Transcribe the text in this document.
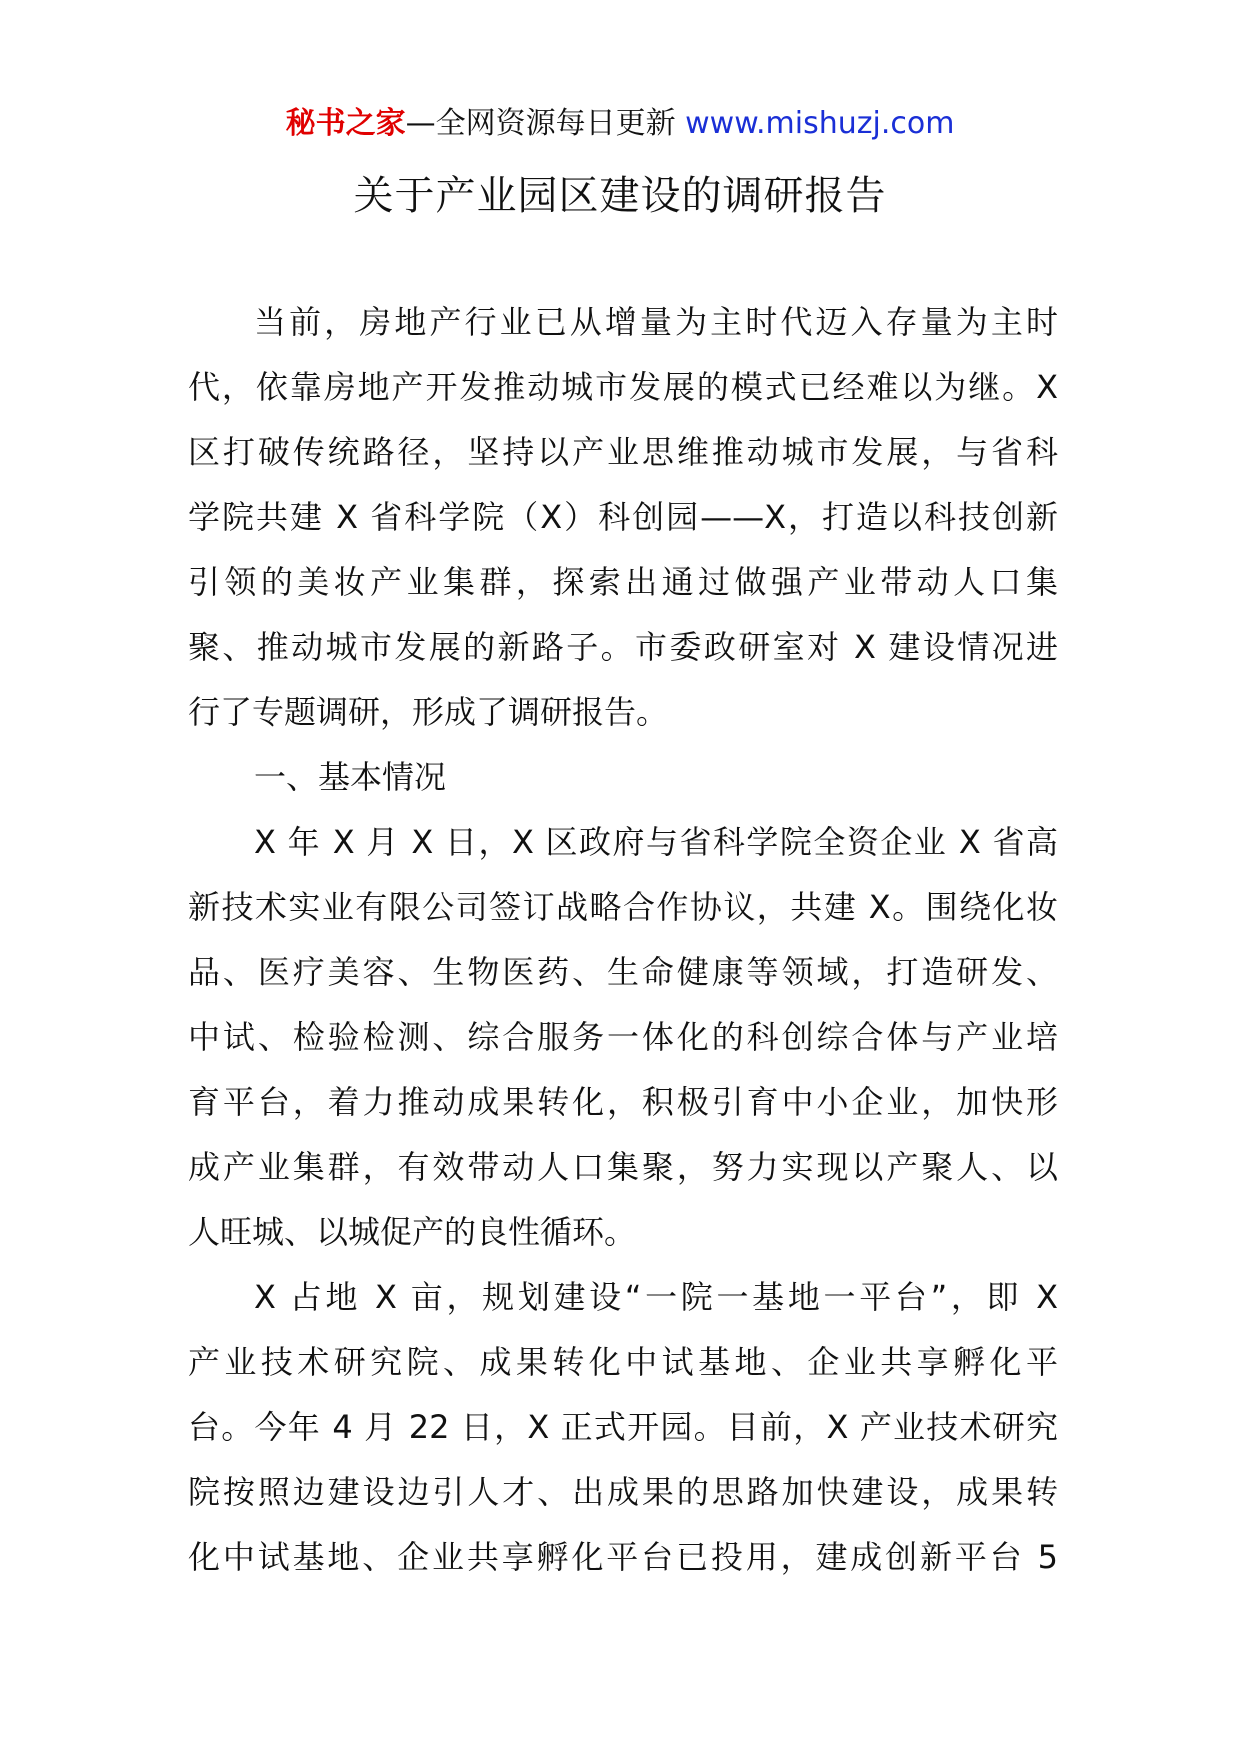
秘书之家—全网资源每日更新 www.mishuzj.com
关于产业园区建设的调研报告
当前，房地产行业已从增量为主时代迈入存量为主时
代，依靠房地产开发推动城市发展的模式已经难以为继。X
区打破传统路径，坚持以产业思维推动城市发展，与省科
学院共建 X 省科学院（X）科创园——X，打造以科技创新
引领的美妆产业集群，探索出通过做强产业带动人口集
聚、推动城市发展的新路子。市委政研室对 X 建设情况进
行了专题调研，形成了调研报告。
一、基本情况
X 年 X 月 X 日，X 区政府与省科学院全资企业 X 省高
新技术实业有限公司签订战略合作协议，共建 X。围绕化妆
品、医疗美容、生物医药、生命健康等领域，打造研发、
中试、检验检测、综合服务一体化的科创综合体与产业培
育平台，着力推动成果转化，积极引育中小企业，加快形
成产业集群，有效带动人口集聚，努力实现以产聚人、以
人旺城、以城促产的良性循环。
X 占地 X 亩，规划建设“一院一基地一平台”，即 X
产业技术研究院、成果转化中试基地、企业共享孵化平
台。今年 4 月 22 日，X 正式开园。目前，X 产业技术研究
院按照边建设边引人才、出成果的思路加快建设，成果转
化中试基地、企业共享孵化平台已投用，建成创新平台 5
